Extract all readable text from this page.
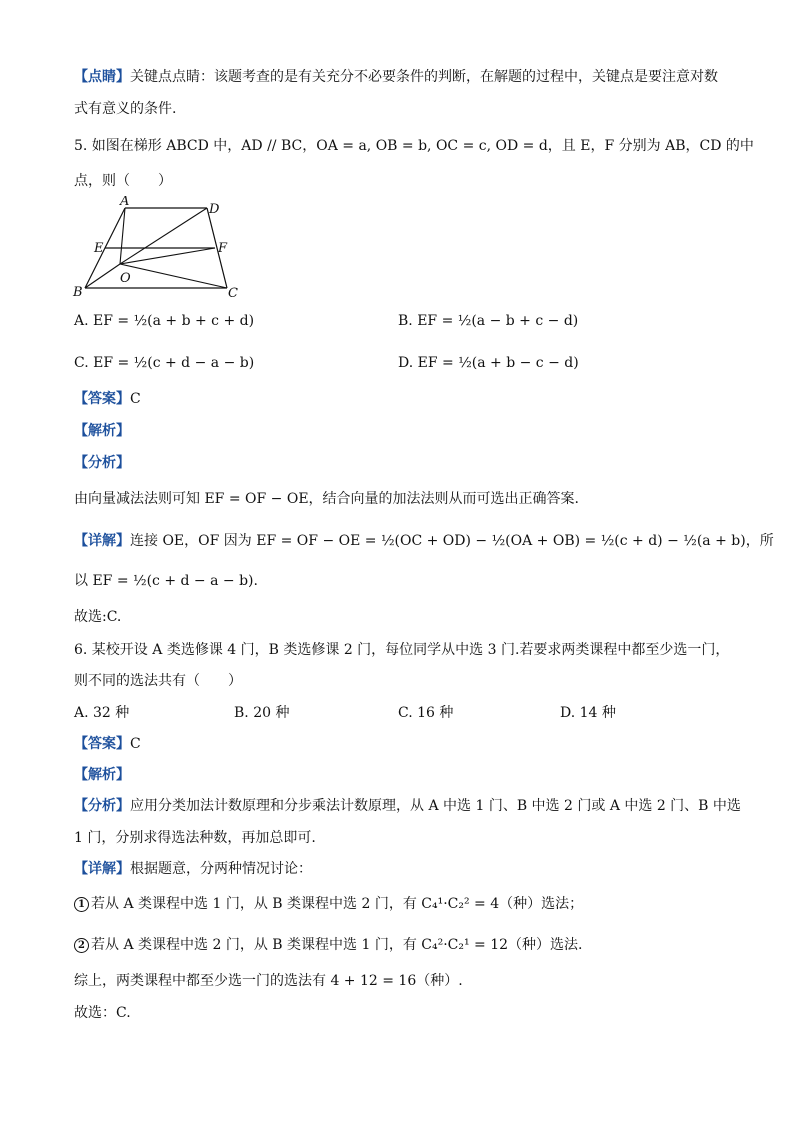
【点睛】关键点点睛：该题考查的是有关充分不必要条件的判断，在解题的过程中，关键点是要注意对数
式有意义的条件.
5. 如图在梯形 ABCD 中，AD // BC，OA = a, OB = b, OC = c, OD = d，且 E，F 分别为 AB，CD 的中
点，则（　　）
A
D
E	F
O
B	C
A. EF = ½(a + b + c + d)	B. EF = ½(a − b + c − d)
C. EF = ½(c + d − a − b)	D. EF = ½(a + b − c − d)
【答案】C
【解析】
【分析】
由向量减法法则可知 EF = OF − OE，结合向量的加法法则从而可选出正确答案.
【详解】连接 OE，OF 因为 EF = OF − OE = ½(OC + OD) − ½(OA + OB) = ½(c + d) − ½(a + b)，所
以 EF = ½(c + d − a − b).
故选:C.
6. 某校开设 A 类选修课 4 门，B 类选修课 2 门，每位同学从中选 3 门.若要求两类课程中都至少选一门，
则不同的选法共有（　　）
A. 32 种	B. 20 种	C. 16 种	D. 14 种
【答案】C
【解析】
【分析】应用分类加法计数原理和分步乘法计数原理，从 A 中选 1 门、B 中选 2 门或 A 中选 2 门、B 中选
1 门，分别求得选法种数，再加总即可.
【详解】根据题意，分两种情况讨论：
1 若从 A 类课程中选 1 门，从 B 类课程中选 2 门，有 C₄¹·C₂² = 4（种）选法；
2 若从 A 类课程中选 2 门，从 B 类课程中选 1 门，有 C₄²·C₂¹ = 12（种）选法.
综上，两类课程中都至少选一门的选法有 4 + 12 = 16（种）.
故选：C.
